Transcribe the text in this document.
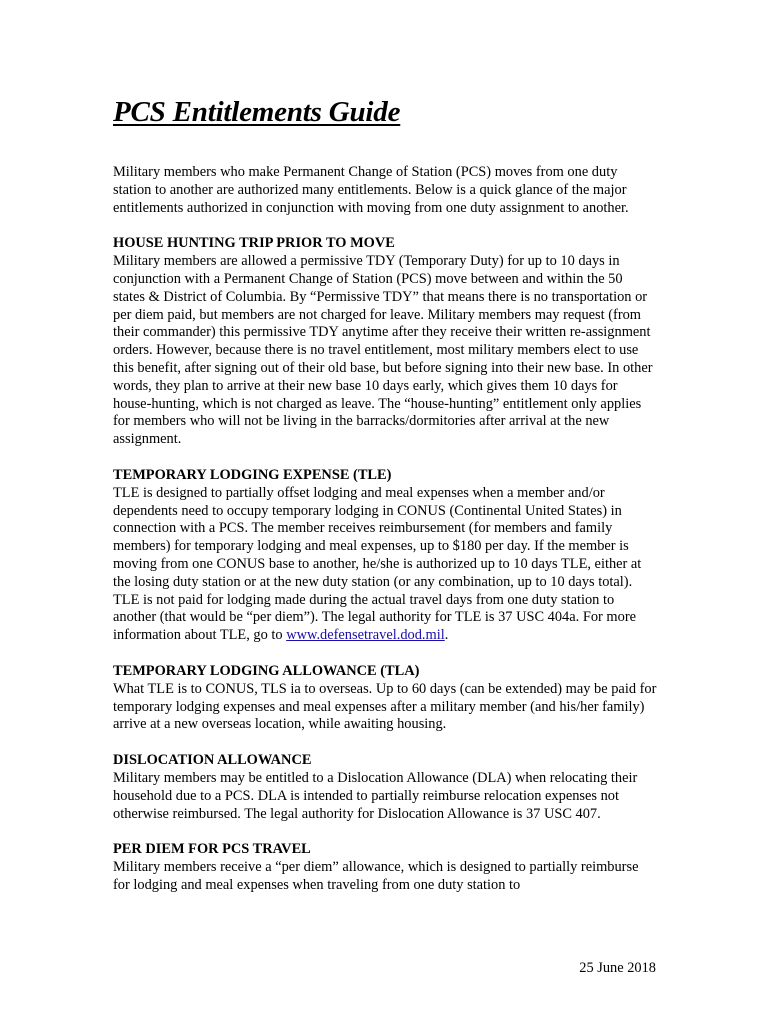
PCS Entitlements Guide

Military members who make Permanent Change of Station (PCS) moves from one duty station to another are authorized many entitlements. Below is a quick glance of the major entitlements authorized in conjunction with moving from one duty assignment to another.

HOUSE HUNTING TRIP PRIOR TO MOVE

Military members are allowed a permissive TDY (Temporary Duty) for up to 10 days in conjunction with a Permanent Change of Station (PCS) move between and within the 50 states & District of Columbia. By “Permissive TDY” that means there is no transportation or per diem paid, but members are not charged for leave. Military members may request (from their commander) this permissive TDY anytime after they receive their written re-assignment orders. However, because there is no travel entitlement, most military members elect to use this benefit, after signing out of their old base, but before signing into their new base. In other words, they plan to arrive at their new base 10 days early, which gives them 10 days for house-hunting, which is not charged as leave. The “house-hunting” entitlement only applies for members who will not be living in the barracks/dormitories after arrival at the new assignment.

TEMPORARY LODGING EXPENSE (TLE)

TLE is designed to partially offset lodging and meal expenses when a member and/or dependents need to occupy temporary lodging in CONUS (Continental United States) in connection with a PCS. The member receives reimbursement (for members and family members) for temporary lodging and meal expenses, up to $180 per day. If the member is moving from one CONUS base to another, he/she is authorized up to 10 days TLE, either at the losing duty station or at the new duty station (or any combination, up to 10 days total). TLE is not paid for lodging made during the actual travel days from one duty station to another (that would be “per diem”). The legal authority for TLE is 37 USC 404a. For more information about TLE, go to www.defensetravel.dod.mil.

TEMPORARY LODGING ALLOWANCE (TLA)

What TLE is to CONUS, TLS ia to overseas. Up to 60 days (can be extended) may be paid for temporary lodging expenses and meal expenses after a military member (and his/her family) arrive at a new overseas location, while awaiting housing.

DISLOCATION ALLOWANCE

Military members may be entitled to a Dislocation Allowance (DLA) when relocating their household due to a PCS. DLA is intended to partially reimburse relocation expenses not otherwise reimbursed. The legal authority for Dislocation Allowance is 37 USC 407.

PER DIEM FOR PCS TRAVEL

Military members receive a “per diem” allowance, which is designed to partially reimburse for lodging and meal expenses when traveling from one duty station to

25 June 2018
